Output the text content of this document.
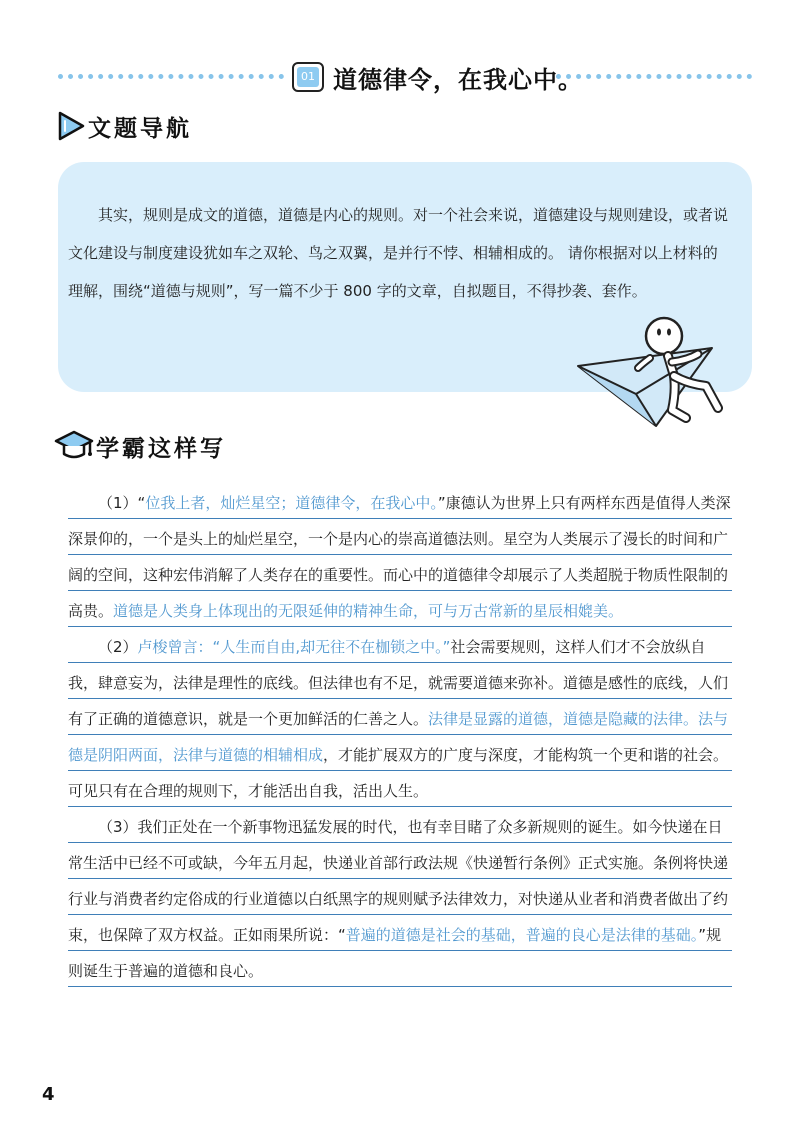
01 道德律令，在我心中。
文题导航

其实，规则是成文的道德，道德是内心的规则。对一个社会来说，道德建设与规则建设，或者说文化建设与制度建设犹如车之双轮、鸟之双翼，是并行不悖、相辅相成的。 请你根据对以上材料的理解，围绕“道德与规则”，写一篇不少于 800 字的文章，自拟题目，不得抄袭、套作。

学霸这样写

（1）“位我上者，灿烂星空；道德律令，在我心中。”康德认为世界上只有两样东西是值得人类深深景仰的，一个是头上的灿烂星空，一个是内心的崇高道德法则。星空为人类展示了漫长的时间和广阔的空间，这种宏伟消解了人类存在的重要性。而心中的道德律令却展示了人类超脱于物质性限制的高贵。道德是人类身上体现出的无限延伸的精神生命，可与万古常新的星辰相媲美。

（2）卢梭曾言：“人生而自由,却无往不在枷锁之中。”社会需要规则，这样人们才不会放纵自我，肆意妄为，法律是理性的底线。但法律也有不足，就需要道德来弥补。道德是感性的底线，人们有了正确的道德意识，就是一个更加鲜活的仁善之人。法律是显露的道德，道德是隐藏的法律。法与德是阴阳两面，法律与道德的相辅相成，才能扩展双方的广度与深度，才能构筑一个更和谐的社会。可见只有在合理的规则下，才能活出自我，活出人生。

（3）我们正处在一个新事物迅猛发展的时代，也有幸目睹了众多新规则的诞生。如今快递在日常生活中已经不可或缺，今年五月起，快递业首部行政法规《快递暂行条例》正式实施。条例将快递行业与消费者约定俗成的行业道德以白纸黑字的规则赋予法律效力，对快递从业者和消费者做出了约束，也保障了双方权益。正如雨果所说：“普遍的道德是社会的基础，普遍的良心是法律的基础。”规则诞生于普遍的道德和良心。

4
